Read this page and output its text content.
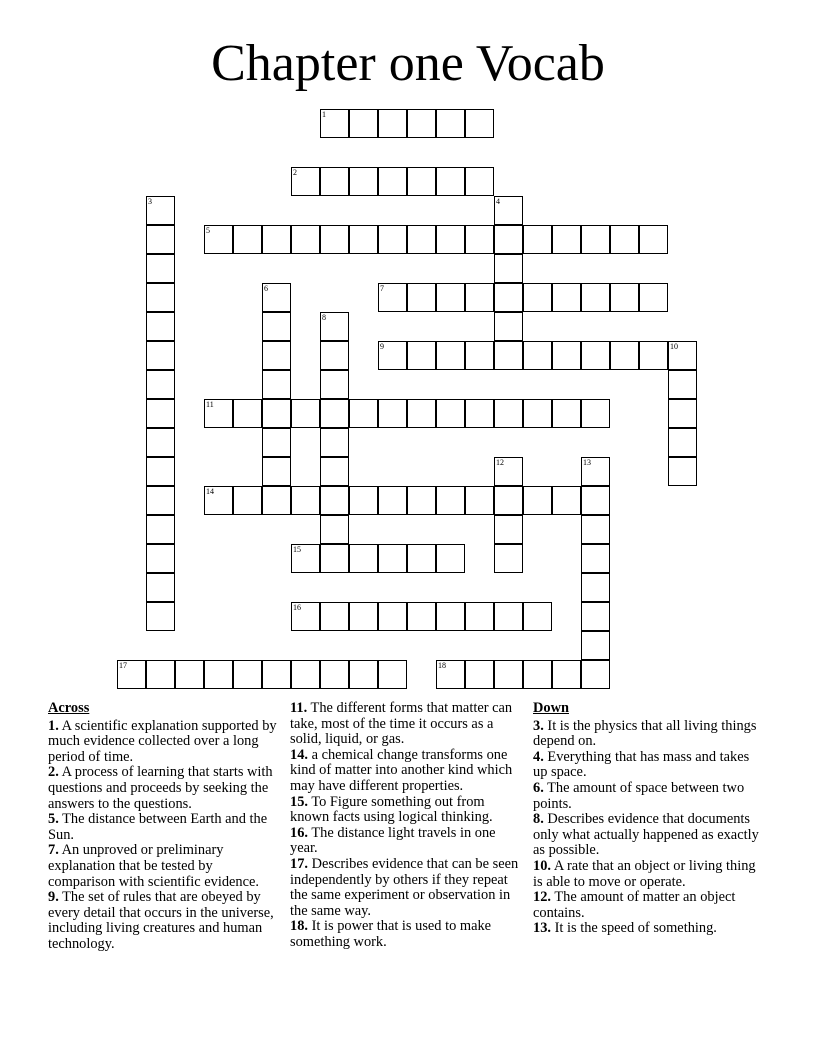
Chapter one Vocab
1
2
3	4
5
6	7
8
9	10
11
12	13
14
15
16
17	18
Across
1. A scientific explanation supported by much evidence collected over a long period of time.
2. A process of learning that starts with questions and proceeds by seeking the answers to the questions.
5. The distance between Earth and the Sun.
7. An unproved or preliminary explanation that be tested by comparison with scientific evidence.
9. The set of rules that are obeyed by every detail that occurs in the universe, including living creatures and human technology.
11. The different forms that matter can take, most of the time it occurs as a solid, liquid, or gas.
14. a chemical change transforms one kind of matter into another kind which may have different properties.
15. To Figure something out from known facts using logical thinking.
16. The distance light travels in one year.
17. Describes evidence that can be seen independently by others if they repeat the same experiment or observation in the same way.
18. It is power that is used to make something work.
Down
3. It is the physics that all living things depend on.
4. Everything that has mass and takes up space.
6. The amount of space between two points.
8. Describes evidence that documents only what actually happened as exactly as possible.
10. A rate that an object or living thing is able to move or operate.
12. The amount of matter an object contains.
13. It is the speed of something.
